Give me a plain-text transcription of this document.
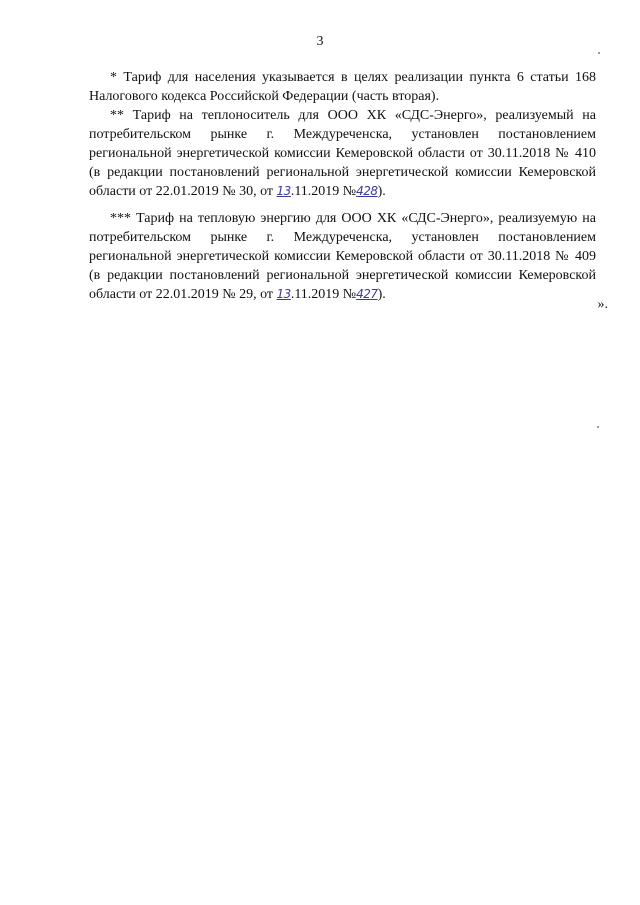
3

* Тариф для населения указывается в целях реализации пункта 6 статьи 168 Налогового кодекса Российской Федерации (часть вторая).

** Тариф на теплоноситель для ООО ХК «СДС-Энерго», реализуемый на потребительском рынке г. Междуреченска, установлен постановлением региональной энергетической комиссии Кемеровской области от 30.11.2018 № 410 (в редакции постановлений региональной энергетической комиссии Кемеровской области от 22.01.2019 № 30, от 13.11.2019 №428).

*** Тариф на тепловую энергию для ООО ХК «СДС-Энерго», реализуемую на потребительском рынке г. Междуреченска, установлен постановлением региональной энергетической комиссии Кемеровской области от 30.11.2018 № 409 (в редакции постановлений региональной энергетической комиссии Кемеровской области от 22.01.2019 № 29, от 13.11.2019 №427).

».
